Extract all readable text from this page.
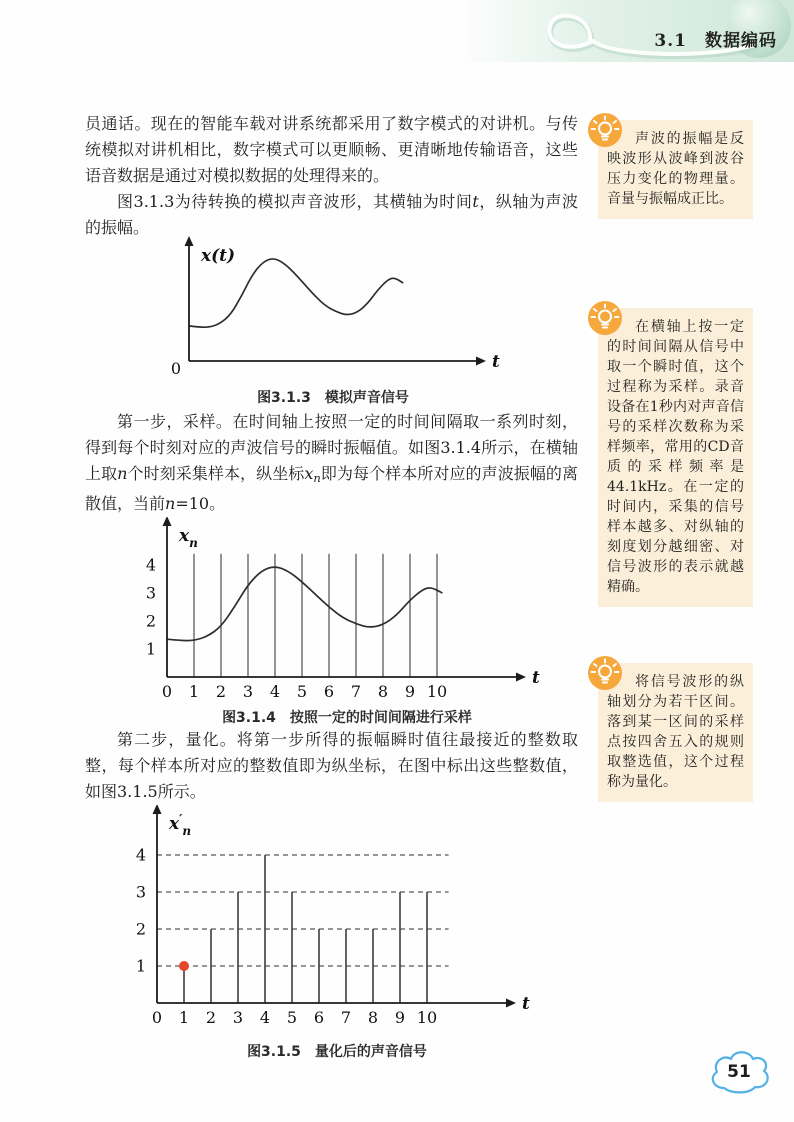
3.1　数据编码

员通话。现在的智能车载对讲系统都采用了数字模式的对讲机。与传统模拟对讲机相比，数字模式可以更顺畅、更清晰地传输语音，这些语音数据是通过对模拟数据的处理得来的。

图3.1.3为待转换的模拟声音波形，其横轴为时间t，纵轴为声波的振幅。

0	t
x(t)
图3.1.3　模拟声音信号

第一步，采样。在时间轴上按照一定的时间间隔取一系列时刻，得到每个时刻对应的声波信号的瞬时振幅值。如图3.1.4所示，在横轴上取n个时刻采集样本，纵坐标xn即为每个样本所对应的声波振幅的离散值，当前n=10。

0 1 2 3 4 5 6 7 8 9 10
1
2
3
4
t
$x_n$
图3.1.4　按照一定的时间间隔进行采样

第二步，量化。将第一步所得的振幅瞬时值往最接近的整数取整，每个样本所对应的整数值即为纵坐标，在图中标出这些整数值，如图3.1.5所示。

0 1 2 3 4 5 6 7 8 9 10
1
2
3
4
t
$x'_n$
图3.1.5　量化后的声音信号
声波的振幅是反映波形从波峰到波谷压力变化的物理量。音量与振幅成正比。
在横轴上按一定的时间间隔从信号中取一个瞬时值，这个过程称为采样。录音设备在1秒内对声音信号的采样次数称为采样频率，常用的CD音质的采样频率是44.1kHz。在一定的时间内，采集的信号样本越多、对纵轴的刻度划分越细密、对信号波形的表示就越精确。
将信号波形的纵轴划分为若干区间。落到某一区间的采样点按四舍五入的规则取整选值，这个过程称为量化。
51
